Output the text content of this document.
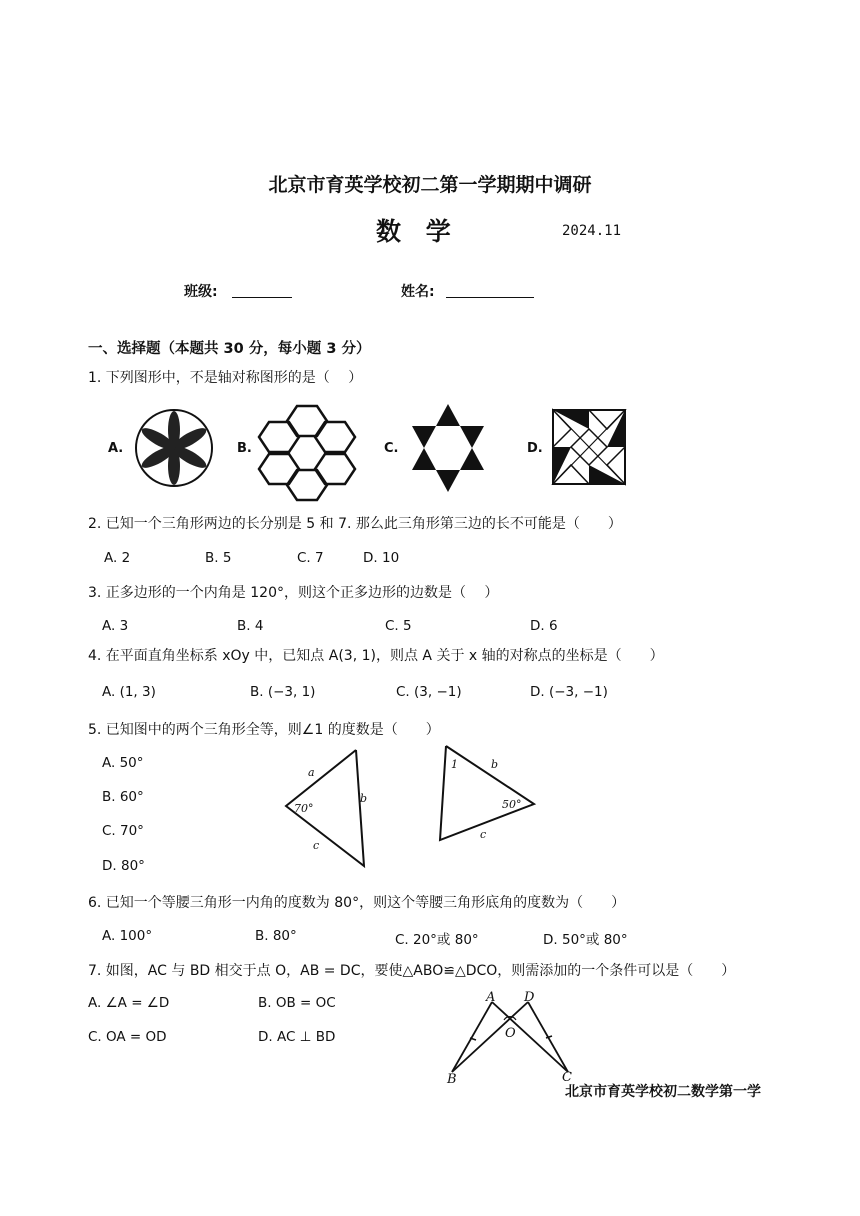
北京市育英学校初二第一学期期中调研
数 学	2024.11
班级:	姓名:
一、选择题（本题共 30 分，每小题 3 分）
1. 下列图形中，不是轴对称图形的是（　 ）
A.	B.	C.	D.
2. 已知一个三角形两边的长分别是 5 和 7. 那么此三角形第三边的长不可能是（　　）
A. 2	B. 5	C. 7	D. 10
3. 正多边形的一个内角是 120°，则这个正多边形的边数是（　 ）
A. 3	B. 4	C. 5	D. 6
4. 在平面直角坐标系 xOy 中，已知点 A(3, 1)，则点 A 关于 x 轴的对称点的坐标是（　　）
A. (1, 3)	B. (−3, 1)	C. (3, −1)	D. (−3, −1)
5. 已知图中的两个三角形全等，则∠1 的度数是（　　）
A. 50°
B. 60°
C. 70°
D. 80°
a
b
c
70°
1	b
c
50°
6. 已知一个等腰三角形一内角的度数为 80°，则这个等腰三角形底角的度数为（　　）
A. 100°	B. 80°	C. 20°或 80°	D. 50°或 80°
7. 如图，AC 与 BD 相交于点 O，AB = DC，要使△ABO≌△DCO，则需添加的一个条件可以是（　　）
A. ∠A = ∠D	B. OB = OC
C. OA = OD	D. AC ⊥ BD
A D
O
B	C
北京市育英学校初二数学第一学
